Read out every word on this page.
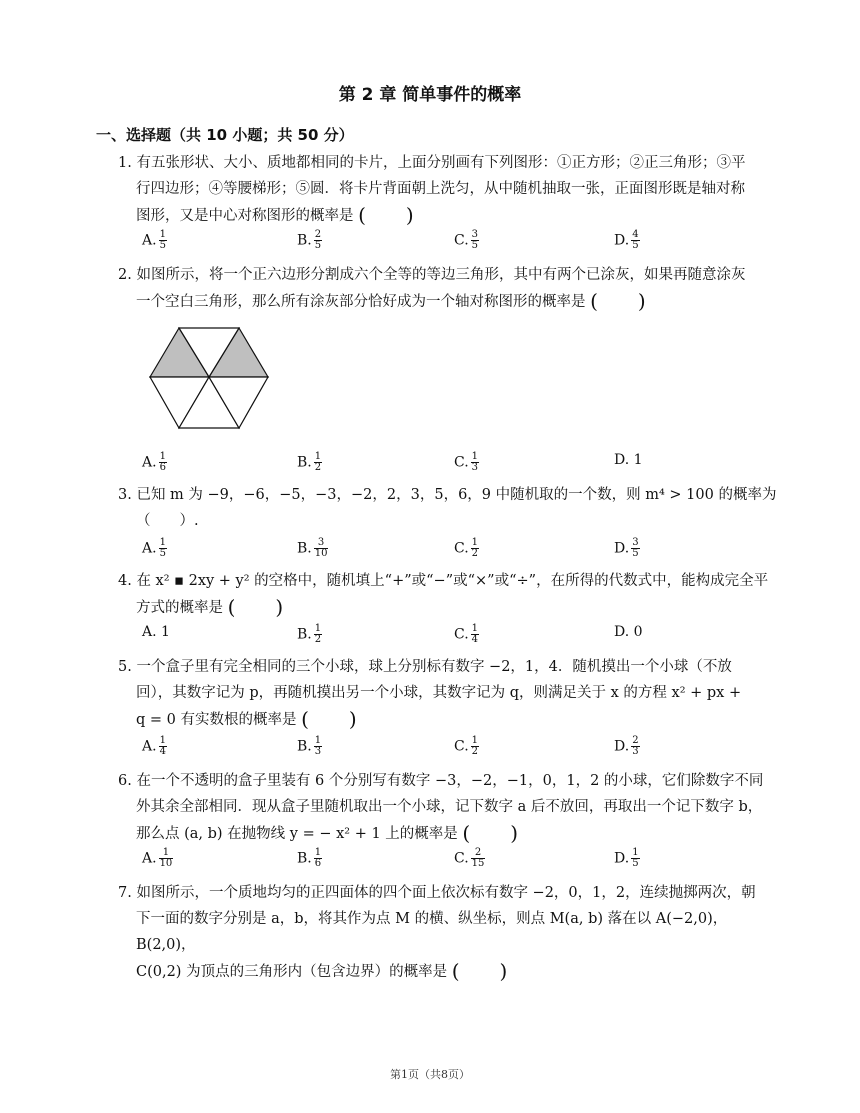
第 2 章 简单事件的概率
一、选择题（共 10 小题；共 50 分）
1. 有五张形状、大小、质地都相同的卡片，上面分别画有下列图形：①正方形；②正三角形；③平
行四边形；④等腰梯形；⑤圆．将卡片背面朝上洗匀，从中随机抽取一张，正面图形既是轴对称
图形，又是中心对称图形的概率是 (　　)
A. $\frac{1}{5}$	B. $\frac{2}{5}$	C. $\frac{3}{5}$	D. $\frac{4}{5}$
2. 如图所示，将一个正六边形分割成六个全等的等边三角形，其中有两个已涂灰，如果再随意涂灰
一个空白三角形，那么所有涂灰部分恰好成为一个轴对称图形的概率是 (　　)
A. $\frac{1}{6}$	B. $\frac{1}{2}$	C. $\frac{1}{3}$	D. 1
3. 已知 m 为 −9，−6，−5，−3，−2，2，3，5，6，9 中随机取的一个数，则 m⁴ > 100 的概率为
（　　）.
A. $\frac{1}{5}$	B. $\frac{3}{10}$	C. $\frac{1}{2}$	D. $\frac{3}{5}$
4. 在 x² ▪ 2xy + y² 的空格中，随机填上“+”或“−”或“×”或“÷”，在所得的代数式中，能构成完全平
方式的概率是 (　　)
A. 1	B. $\frac{1}{2}$	C. $\frac{1}{4}$	D. 0
5. 一个盒子里有完全相同的三个小球，球上分别标有数字 −2，1，4．随机摸出一个小球（不放
回），其数字记为 p，再随机摸出另一个小球，其数字记为 q，则满足关于 x 的方程 x² + px +
q = 0 有实数根的概率是 (　　)
A. $\frac{1}{4}$	B. $\frac{1}{3}$	C. $\frac{1}{2}$	D. $\frac{2}{3}$
6. 在一个不透明的盒子里装有 6 个分别写有数字 −3，−2，−1，0，1，2 的小球，它们除数字不同
外其余全部相同．现从盒子里随机取出一个小球，记下数字 a 后不放回，再取出一个记下数字 b，
那么点 (a, b) 在抛物线 y = − x² + 1 上的概率是 (　　)
A. $\frac{1}{10}$	B. $\frac{1}{6}$	C. $\frac{2}{15}$	D. $\frac{1}{5}$
7. 如图所示，一个质地均匀的正四面体的四个面上依次标有数字 −2，0，1，2，连续抛掷两次，朝
下一面的数字分别是 a，b，将其作为点 M 的横、纵坐标，则点 M(a, b) 落在以 A(−2,0)，B(2,0)，
C(0,2) 为顶点的三角形内（包含边界）的概率是 (　　)
第1页（共8页）
